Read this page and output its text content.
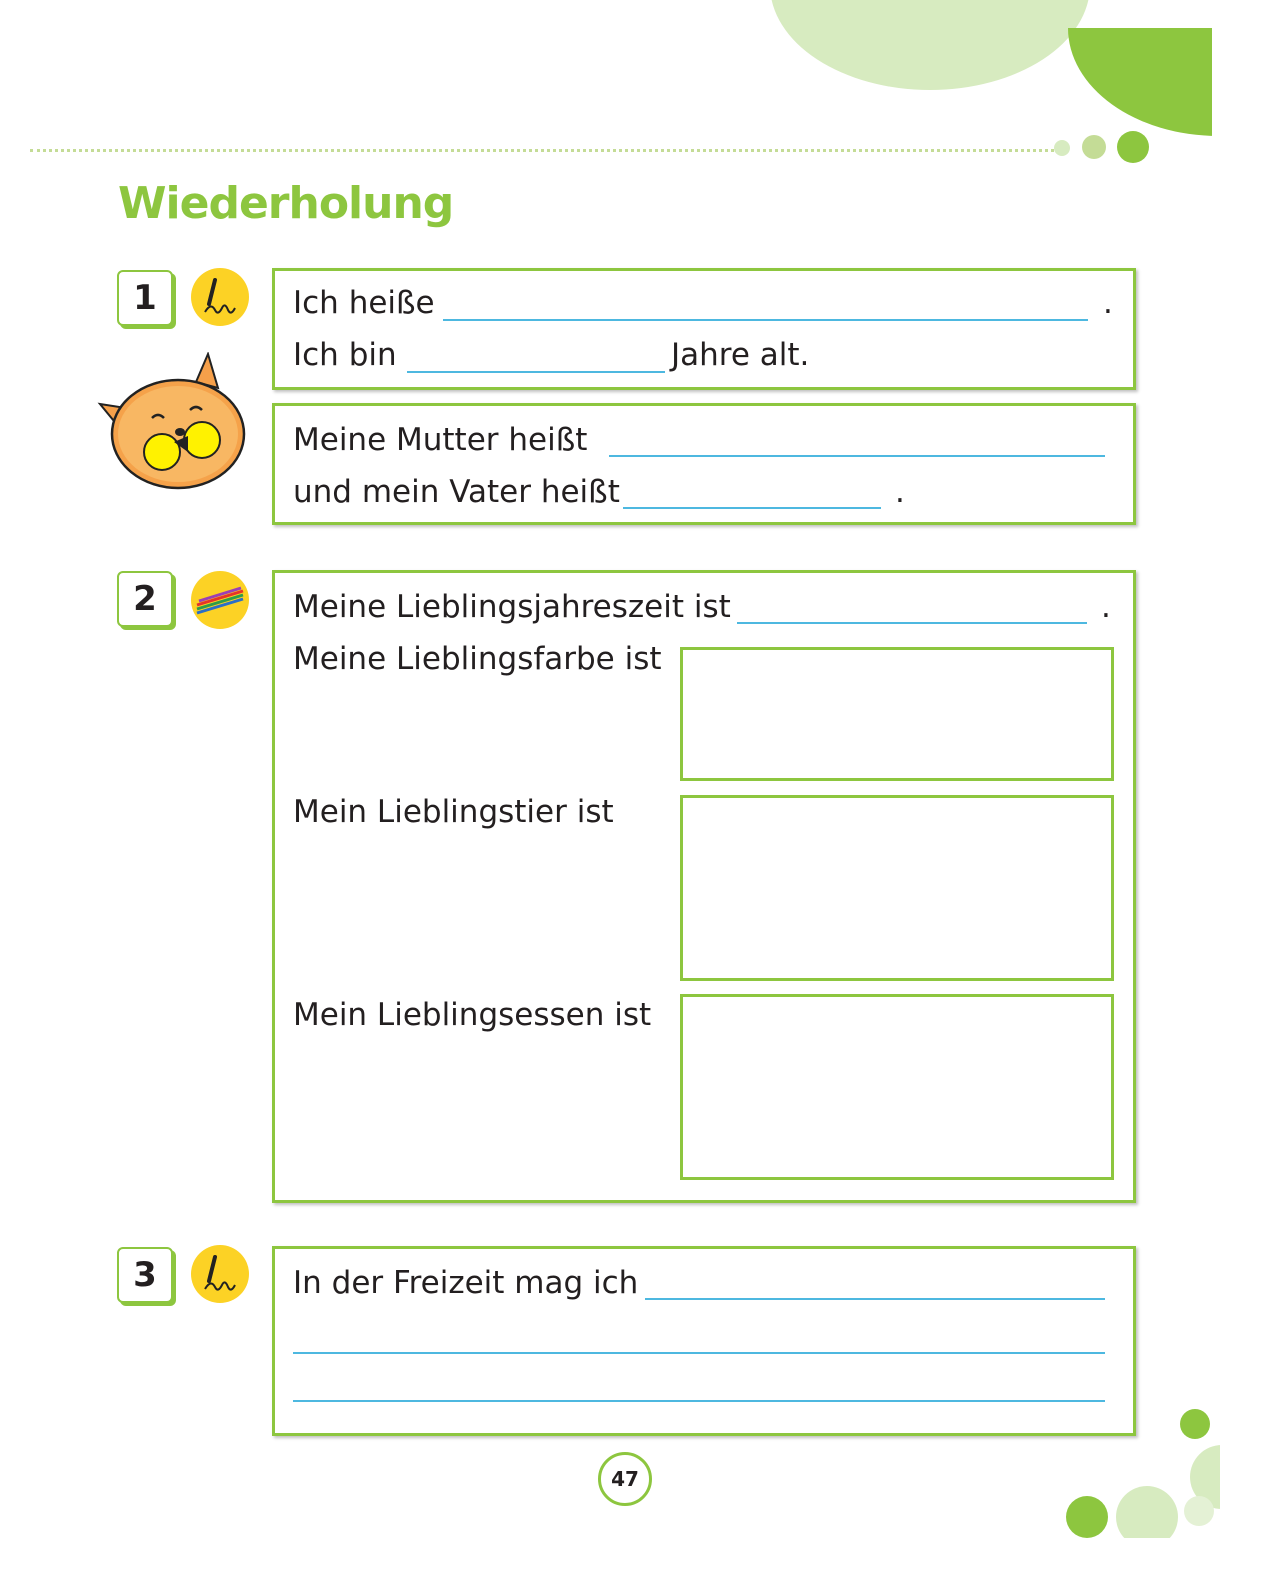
Wiederholung
1	Ich heiße	.
Ich bin	Jahre alt.
Meine Mutter heißt
und mein Vater heißt	.
2	Meine Lieblingsjahreszeit ist	.
Meine Lieblingsfarbe ist
Mein Lieblingstier ist
Mein Lieblingsessen ist
3	In der Freizeit mag ich
47
